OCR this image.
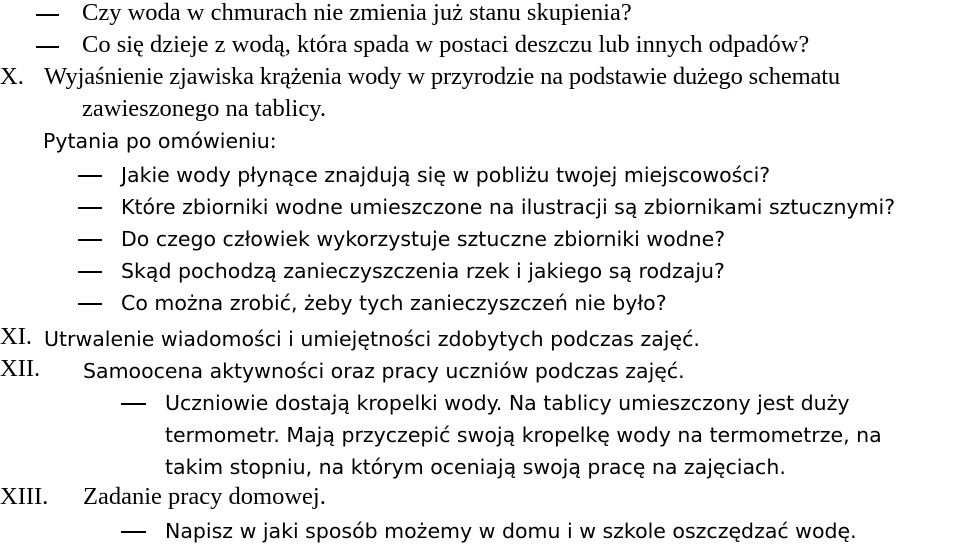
Czy woda w chmurach nie zmienia już stanu skupienia?
Co się dzieje z wodą, która spada w postaci deszczu lub innych odpadów?
X. Wyjaśnienie zjawiska krążenia wody w przyrodzie na podstawie dużego schematu
zawieszonego na tablicy.
Pytania po omówieniu:
Jakie wody płynące znajdują się w pobliżu twojej miejscowości?
Które zbiorniki wodne umieszczone na ilustracji są zbiornikami sztucznymi?
Do czego człowiek wykorzystuje sztuczne zbiorniki wodne?
Skąd pochodzą zanieczyszczenia rzek i jakiego są rodzaju?
Co można zrobić, żeby tych zanieczyszczeń nie było?
XI. Utrwalenie wiadomości i umiejętności zdobytych podczas zajęć.
XII. Samoocena aktywności oraz pracy uczniów podczas zajęć.
Uczniowie dostają kropelki wody. Na tablicy umieszczony jest duży
termometr. Mają przyczepić swoją kropelkę wody na termometrze, na
takim stopniu, na którym oceniają swoją pracę na zajęciach.
XIII. Zadanie pracy domowej.
Napisz w jaki sposób możemy w domu i w szkole oszczędzać wodę.
